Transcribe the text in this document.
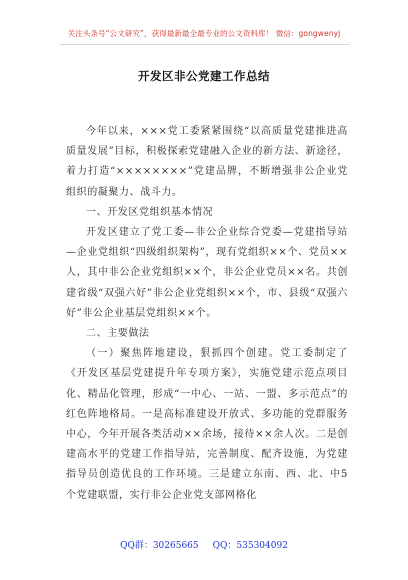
关注头条号“公文研究”，获得最新最全最专业的公文资料库！ 微信：gongwenyj
开发区非公党建工作总结

今年以来，×××党工委紧紧围绕“以高质量党建推进高质量发展”目标，积极探索党建融入企业的新方法、新途径，着力打造“××××××××”党建品牌，不断增强非公企业党组织的凝聚力、战斗力。

一、开发区党组织基本情况

开发区建立了党工委—非公企业综合党委—党建指导站—企业党组织“四级组织架构”，现有党组织××个、党员××人，其中非公企业党组织××个，非公企业党员××名。共创建省级“双强六好”非公企业党组织××个，市、县级“双强六好”非公企业基层党组织××个。

二、主要做法

（一）聚焦阵地建设，狠抓四个创建。党工委制定了《开发区基层党建提升年专项方案》，实施党建示范点项目化、精品化管理，形成“一中心、一站、一盟、多示范点”的红色阵地格局。一是高标准建设开放式、多功能的党群服务中心，今年开展各类活动××余场，接待××余人次。二是创建高水平的党建工作指导站，完善制度、配齐设施，为党建指导员创造优良的工作环境。三是建立东南、西、北、中5个党建联盟，实行非公企业党支部网格化

QQ群：30265665 QQ：535304092
